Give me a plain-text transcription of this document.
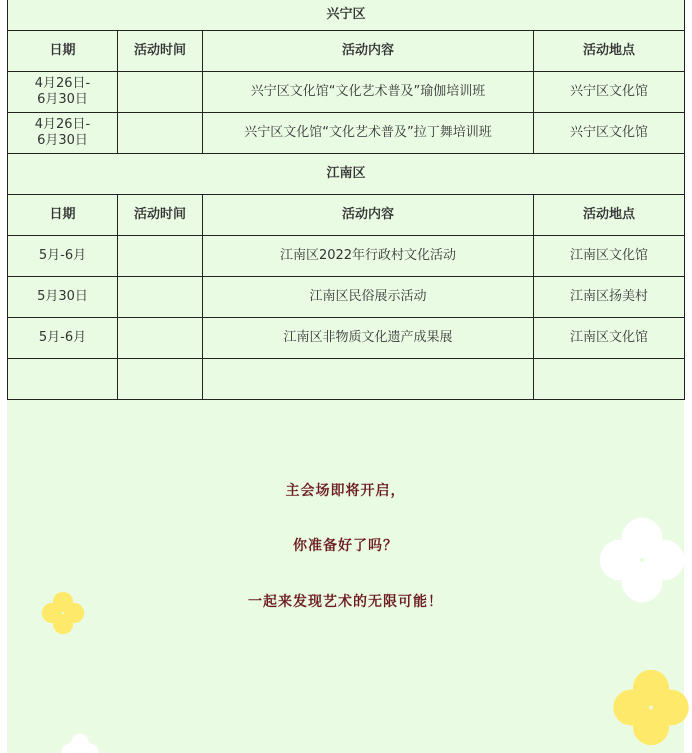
兴宁区			
日期	活动时间	活动内容	活动地点
4月26日-
6月30日		兴宁区文化馆“文化艺术普及”瑜伽培训班	兴宁区文化馆
4月26日-
6月30日		兴宁区文化馆“文化艺术普及”拉丁舞培训班	兴宁区文化馆
江南区			
日期	活动时间	活动内容	活动地点
5月-6月		江南区2022年行政村文化活动	江南区文化馆
5月30日		江南区民俗展示活动	江南区扬美村
5月-6月		江南区非物质文化遗产成果展	江南区文化馆

主会场即将开启，
你准备好了吗？
一起来发现艺术的无限可能！
